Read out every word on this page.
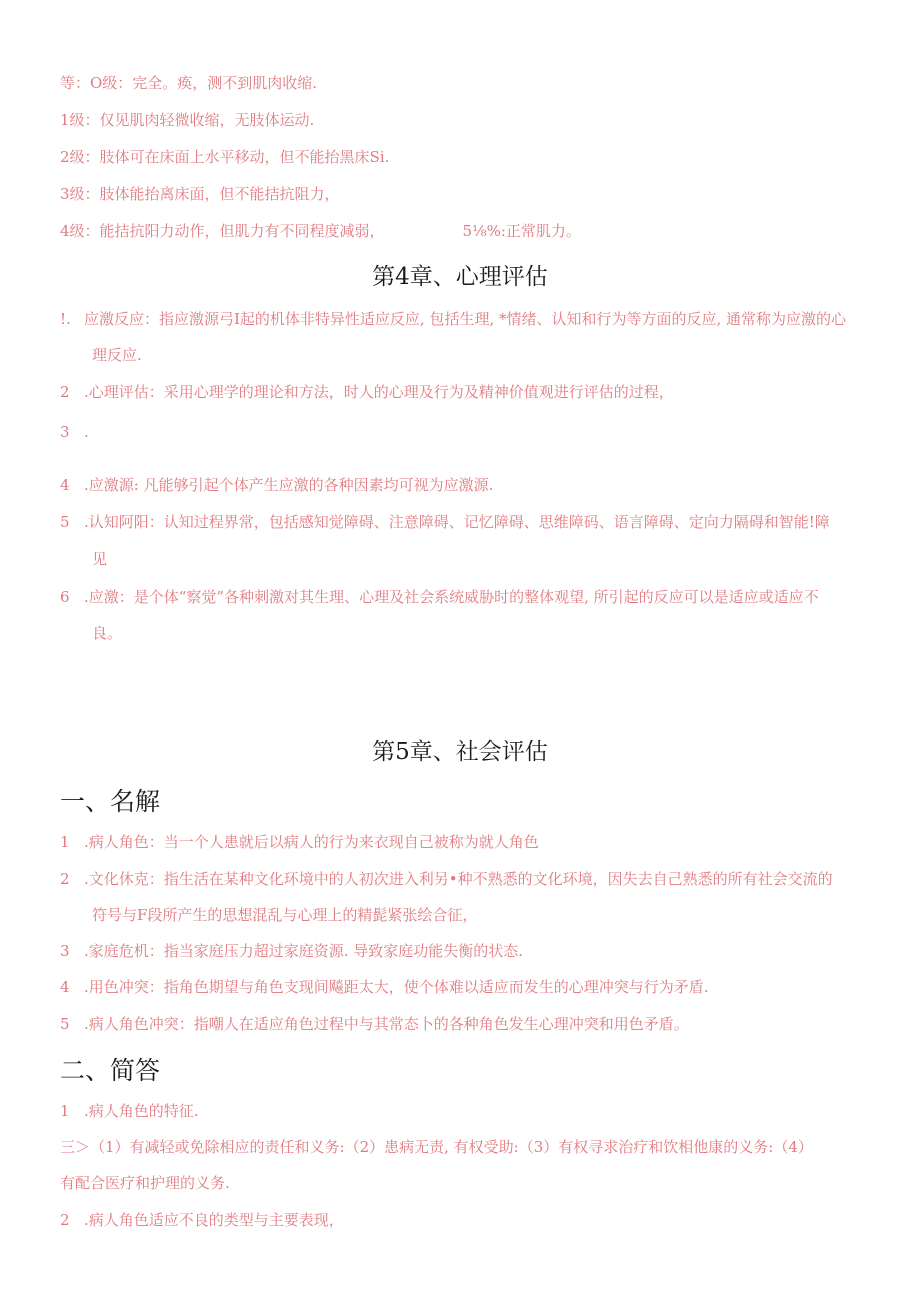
等：O级：完全。痪，测不到肌肉收缩.
1级：仅见肌肉轻微收缩，无肢体运动.
2级：肢体可在床面上水平移动，但不能抬黑床Si.
3级：肢体能抬离床面，但不能拮抗阻力，
4级：能拮抗阳力动作，但肌力有不同程度减弱，	5⅛%:正常肌力。
第4章、心理评估
!. 应激反应：指应激源弓I起的机体非特异性适应反应, 包括生理, *情绪、认知和行为等方面的反应, 通常称为应激的心
理反应.
2 .心理评估：采用心理学的理论和方法，时人的心理及行为及精神价值观进行评估的过程，
3 .
4 .应激源: 凡能够引起个体产生应激的各种因素均可视为应激源.
5 .认知阿阳：认知过程界常，包括感知觉障碍、注意障碍、记忆障碍、思维障码、语言障碍、定向力隔碍和智能!障
见
6 .应激：是个体“察觉”各种刺激对其生理、心理及社会系统威胁时的整体观望, 所引起的反应可以是适应或适应不
良。
第5章、社会评估
一、名解
1 .病人角色：当一个人患就后以病人的行为来衣现自己被称为就人角色
2 .文化休克：指生活在某种文化环境中的人初次进入利另•种不熟悉的文化环境，因失去自己熟悉的所有社会交流的
符号与F段所产生的思想混乱与心理上的精髭紧张绘合征，
3 .家庭危机：指当家庭压力超过家庭资源. 导致家庭功能失衡的状态.
4 .用色冲突：指角色期望与角色支现间飚距太大，使个体难以适应而发生的心理冲突与行为矛盾.
5 .病人角色冲突：指嘲人在适应角色过程中与其常态卜的各种角色发生心理冲突和用色矛盾。
二、简答
1 .病人角色的特征.
三＞（1）有减轻或免除相应的责任和义务:（2）患病无责, 有权受助:（3）有权寻求治疗和饮相他康的义务:（4）
有配合医疗和护理的义务.
2 .病人角色适应不良的类型与主要表现，
